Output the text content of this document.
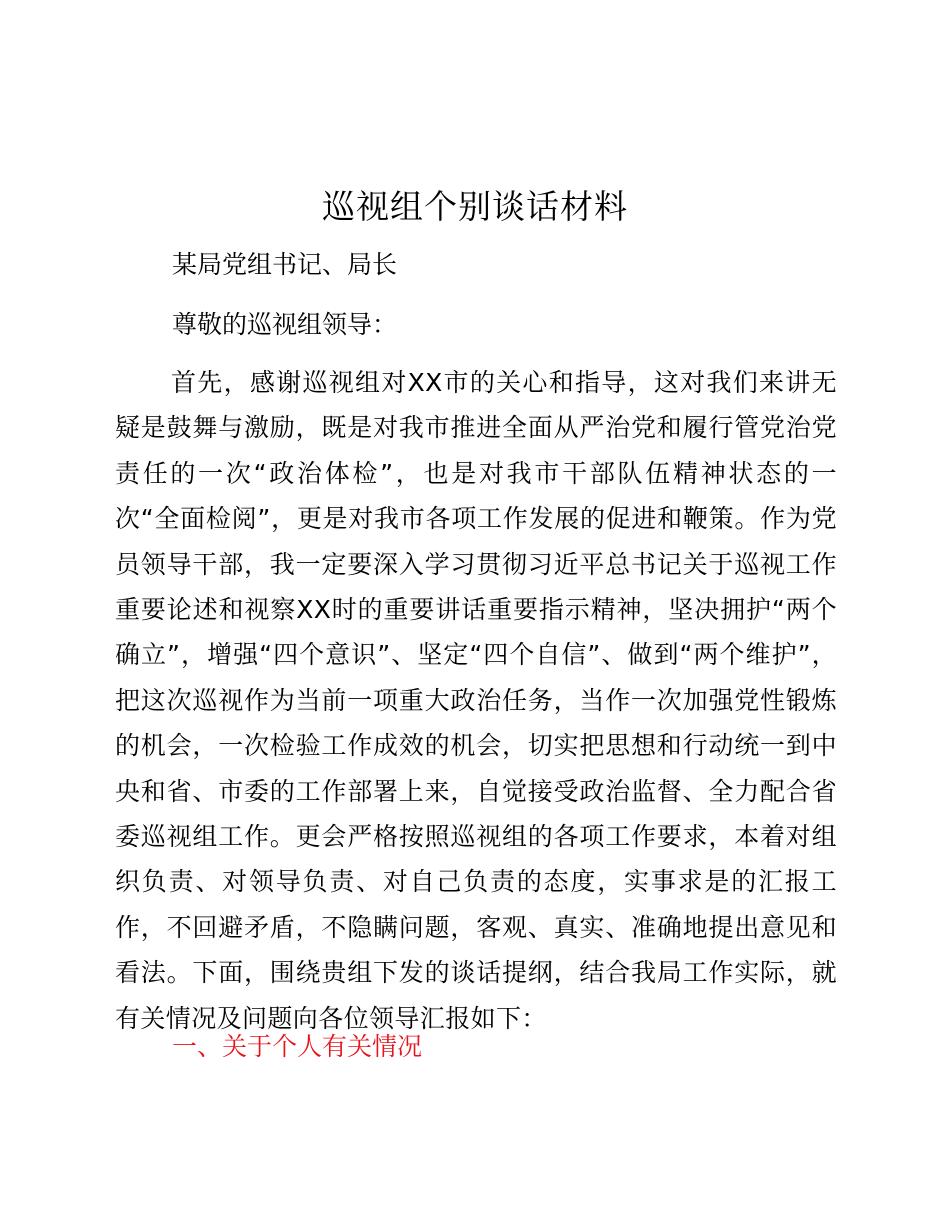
巡视组个别谈话材料
某局党组书记、局长
尊敬的巡视组领导：

首先，感谢巡视组对XX市的关心和指导，这对我们来讲无疑是鼓舞与激励，既是对我市推进全面从严治党和履行管党治党责任的一次“政治体检”，也是对我市干部队伍精神状态的一次“全面检阅”，更是对我市各项工作发展的促进和鞭策。作为党员领导干部，我一定要深入学习贯彻习近平总书记关于巡视工作重要论述和视察XX时的重要讲话重要指示精神，坚决拥护“两个确立”，增强“四个意识”、坚定“四个自信”、做到“两个维护”，把这次巡视作为当前一项重大政治任务，当作一次加强党性锻炼的机会，一次检验工作成效的机会，切实把思想和行动统一到中央和省、市委的工作部署上来，自觉接受政治监督、全力配合省委巡视组工作。更会严格按照巡视组的各项工作要求，本着对组织负责、对领导负责、对自己负责的态度，实事求是的汇报工作，不回避矛盾，不隐瞒问题，客观、真实、准确地提出意见和看法。下面，围绕贵组下发的谈话提纲，结合我局工作实际，就有关情况及问题向各位领导汇报如下：

一、关于个人有关情况
